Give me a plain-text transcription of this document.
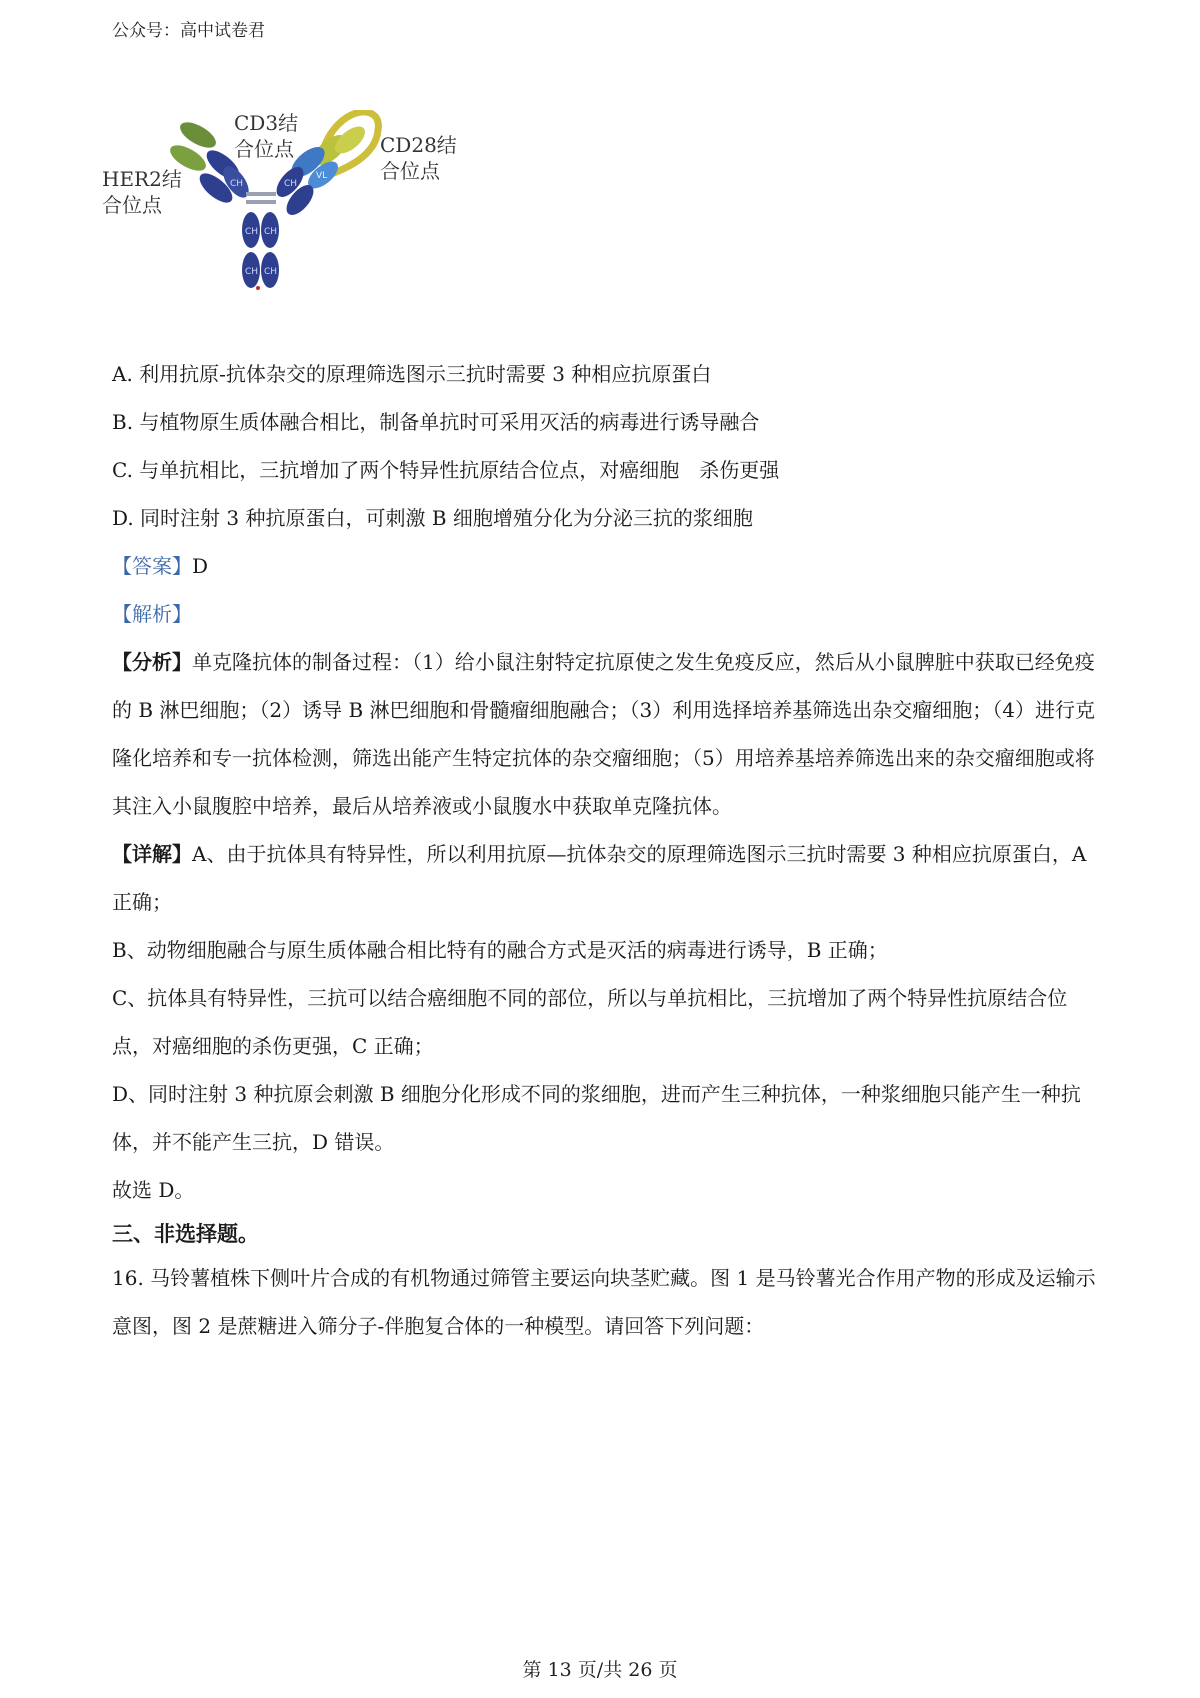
公众号：高中试卷君
CH	CH
VL
CH CH
CH CH
CD3结
合位点	CD28结
合位点
HER2结
合位点

A. 利用抗原-抗体杂交的原理筛选图示三抗时需要 3 种相应抗原蛋白

B. 与植物原生质体融合相比，制备单抗时可采用灭活的病毒进行诱导融合

C. 与单抗相比，三抗增加了两个特异性抗原结合位点，对癌细胞　杀伤更强

D. 同时注射 3 种抗原蛋白，可刺激 B 细胞增殖分化为分泌三抗的浆细胞

【答案】D

【解析】

【分析】单克隆抗体的制备过程：（1）给小鼠注射特定抗原使之发生免疫反应，然后从小鼠脾脏中获取已经免疫的 B 淋巴细胞；（2）诱导 B 淋巴细胞和骨髓瘤细胞融合；（3）利用选择培养基筛选出杂交瘤细胞；（4）进行克隆化培养和专一抗体检测，筛选出能产生特定抗体的杂交瘤细胞；（5）用培养基培养筛选出来的杂交瘤细胞或将其注入小鼠腹腔中培养，最后从培养液或小鼠腹水中获取单克隆抗体。

【详解】A、由于抗体具有特异性，所以利用抗原—抗体杂交的原理筛选图示三抗时需要 3 种相应抗原蛋白，A 正确；

B、动物细胞融合与原生质体融合相比特有的融合方式是灭活的病毒进行诱导，B 正确；

C、抗体具有特异性，三抗可以结合癌细胞不同的部位，所以与单抗相比，三抗增加了两个特异性抗原结合位点，对癌细胞的杀伤更强，C 正确；

D、同时注射 3 种抗原会刺激 B 细胞分化形成不同的浆细胞，进而产生三种抗体，一种浆细胞只能产生一种抗体，并不能产生三抗，D 错误。

故选 D。

三、非选择题。

16. 马铃薯植株下侧叶片合成的有机物通过筛管主要运向块茎贮藏。图 1 是马铃薯光合作用产物的形成及运输示意图，图 2 是蔗糖进入筛分子-伴胞复合体的一种模型。请回答下列问题：

第 13 页/共 26 页
